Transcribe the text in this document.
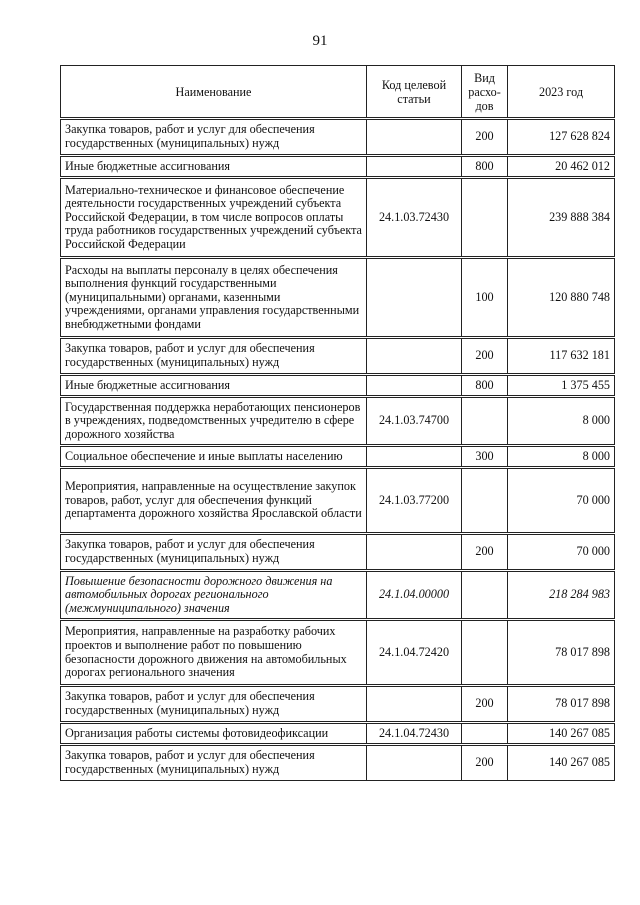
91
Наименование	Код целевой статьи	Вид расхо-дов	2023 год
Закупка товаров, работ и услуг для обеспечения государственных (муниципальных) нужд		200	127 628 824
Иные бюджетные ассигнования		800	20 462 012
Материально-техническое и финансовое обеспечение деятельности государственных учреждений субъекта Российской Федерации, в том числе вопросов оплаты труда работников государственных учреждений субъекта Российской Федерации	24.1.03.72430		239 888 384
Расходы на выплаты персоналу в целях обеспечения выполнения функций государственными (муниципальными) органами, казенными учреждениями, органами управления государственными внебюджетными фондами		100	120 880 748
Закупка товаров, работ и услуг для обеспечения государственных (муниципальных) нужд		200	117 632 181
Иные бюджетные ассигнования		800	1 375 455
Государственная поддержка неработающих пенсионеров в учреждениях, подведомственных учредителю в сфере дорожного хозяйства	24.1.03.74700		8 000
Социальное обеспечение и иные выплаты населению		300	8 000
Мероприятия, направленные на осуществление закупок товаров, работ, услуг для обеспечения функций департамента дорожного хозяйства Ярославской области	24.1.03.77200		70 000
Закупка товаров, работ и услуг для обеспечения государственных (муниципальных) нужд		200	70 000
Повышение безопасности дорожного движения на автомобильных дорогах регионального (межмуниципального) значения	24.1.04.00000		218 284 983
Мероприятия, направленные на разработку рабочих проектов и выполнение работ по повышению безопасности дорожного движения на автомобильных дорогах регионального значения	24.1.04.72420		78 017 898
Закупка товаров, работ и услуг для обеспечения государственных (муниципальных) нужд		200	78 017 898
Организация работы системы фотовидеофиксации	24.1.04.72430		140 267 085
Закупка товаров, работ и услуг для обеспечения государственных (муниципальных) нужд		200	140 267 085
